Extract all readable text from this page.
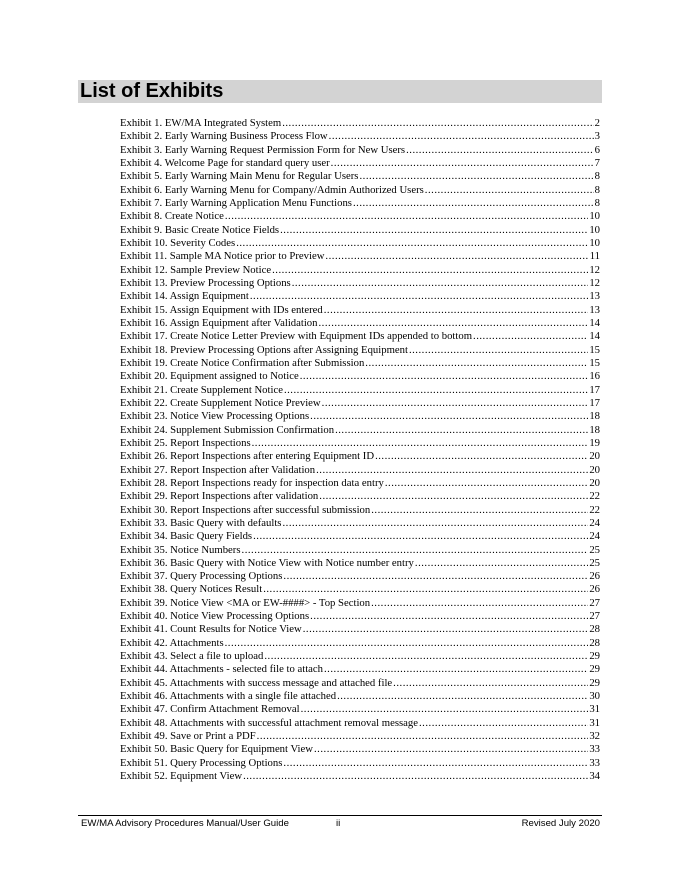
List of Exhibits
Exhibit 1. EW/MA Integrated System .....	2
Exhibit 2. Early Warning Business Process Flow .....	3
Exhibit 3. Early Warning Request Permission Form for New Users .....	6
Exhibit 4. Welcome Page for standard query user .....	7
Exhibit 5. Early Warning Main Menu for Regular Users .....	8
Exhibit 6. Early Warning Menu for Company/Admin Authorized Users .....	8
Exhibit 7. Early Warning Application Menu Functions .....	8
Exhibit 8. Create Notice .....	10
Exhibit 9. Basic Create Notice Fields .....	10
Exhibit 10. Severity Codes .....	10
Exhibit 11. Sample MA Notice prior to Preview .....	11
Exhibit 12. Sample Preview Notice .....	12
Exhibit 13. Preview Processing Options .....	12
Exhibit 14. Assign Equipment .....	13
Exhibit 15. Assign Equipment with IDs entered .....	13
Exhibit 16. Assign Equipment after Validation .....	14
Exhibit 17. Create Notice Letter Preview with Equipment IDs appended to bottom .....	14
Exhibit 18. Preview Processing Options after Assigning Equipment .....	15
Exhibit 19. Create Notice Confirmation after Submission .....	15
Exhibit 20. Equipment assigned to Notice .....	16
Exhibit 21. Create Supplement Notice .....	17
Exhibit 22. Create Supplement Notice Preview .....	17
Exhibit 23. Notice View Processing Options .....	18
Exhibit 24. Supplement Submission Confirmation .....	18
Exhibit 25. Report Inspections .....	19
Exhibit 26. Report Inspections after entering Equipment ID .....	20
Exhibit 27. Report Inspection after Validation .....	20
Exhibit 28. Report Inspections ready for inspection data entry .....	20
Exhibit 29. Report Inspections after validation .....	22
Exhibit 30. Report Inspections after successful submission .....	22
Exhibit 33. Basic Query with defaults .....	24
Exhibit 34. Basic Query Fields .....	24
Exhibit 35. Notice Numbers .....	25
Exhibit 36. Basic Query with Notice View with Notice number entry .....	25
Exhibit 37. Query Processing Options .....	26
Exhibit 38. Query Notices Result .....	26
Exhibit 39. Notice View <MA or EW-####> - Top Section .....	27
Exhibit 40. Notice View Processing Options .....	27
Exhibit 41. Count Results for Notice View .....	28
Exhibit 42. Attachments .....	28
Exhibit 43. Select a file to upload .....	29
Exhibit 44. Attachments - selected file to attach .....	29
Exhibit 45. Attachments with success message and attached file .....	29
Exhibit 46. Attachments with a single file attached .....	30
Exhibit 47. Confirm Attachment Removal .....	31
Exhibit 48. Attachments with successful attachment removal message .....	31
Exhibit 49. Save or Print a PDF .....	32
Exhibit 50. Basic Query for Equipment View .....	33
Exhibit 51. Query Processing Options .....	33
Exhibit 52. Equipment View .....	34
EW/MA Advisory Procedures Manual/User Guide	ii	Revised July 2020
